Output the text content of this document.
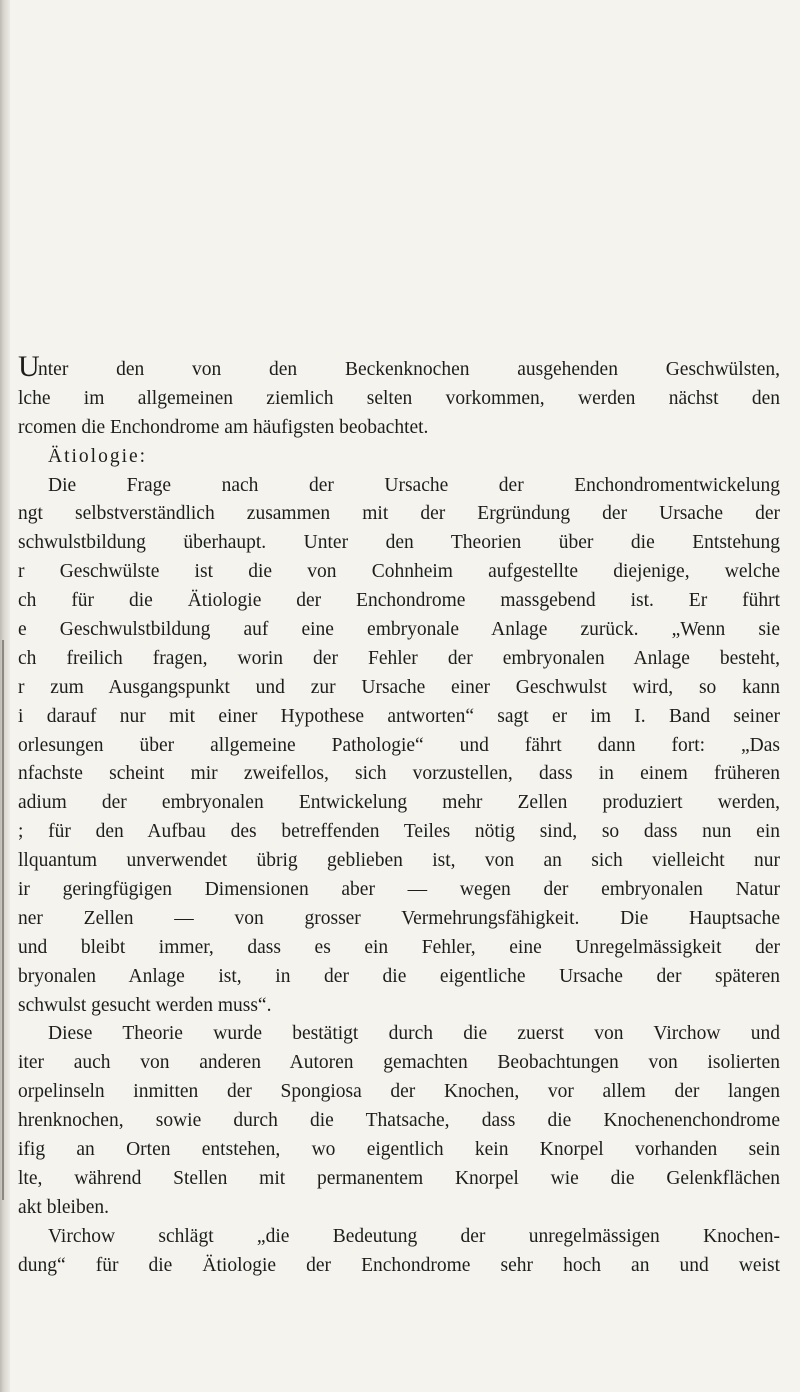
U
nter den von den Beckenknochen ausgehenden Geschwülsten,
lche im allgemeinen ziemlich selten vorkommen, werden nächst den
rcomen die Enchondrome am häufigsten beobachtet.
Ätiologie:
Die Frage nach der Ursache der Enchondromentwickelung
ngt selbstverständlich zusammen mit der Ergründung der Ursache der
schwulstbildung überhaupt. Unter den Theorien über die Entstehung
r Geschwülste ist die von Cohnheim aufgestellte diejenige, welche
ch für die Ätiologie der Enchondrome massgebend ist. Er führt
e Geschwulstbildung auf eine embryonale Anlage zurück. „Wenn sie
ch freilich fragen, worin der Fehler der embryonalen Anlage besteht,
r zum Ausgangspunkt und zur Ursache einer Geschwulst wird, so kann
i darauf nur mit einer Hypothese antworten“ sagt er im I. Band seiner
orlesungen über allgemeine Pathologie“ und fährt dann fort: „Das
nfachste scheint mir zweifellos, sich vorzustellen, dass in einem früheren
adium der embryonalen Entwickelung mehr Zellen produziert werden,
; für den Aufbau des betreffenden Teiles nötig sind, so dass nun ein
llquantum unverwendet übrig geblieben ist, von an sich vielleicht nur
ir geringfügigen Dimensionen aber — wegen der embryonalen Natur
ner Zellen — von grosser Vermehrungsfähigkeit. Die Hauptsache
und bleibt immer, dass es ein Fehler, eine Unregelmässigkeit der
bryonalen Anlage ist, in der die eigentliche Ursache der späteren
schwulst gesucht werden muss“.
Diese Theorie wurde bestätigt durch die zuerst von Virchow und
iter auch von anderen Autoren gemachten Beobachtungen von isolierten
orpelinseln inmitten der Spongiosa der Knochen, vor allem der langen
hrenknochen, sowie durch die Thatsache, dass die Knochenenchondrome
ifig an Orten entstehen, wo eigentlich kein Knorpel vorhanden sein
lte, während Stellen mit permanentem Knorpel wie die Gelenkflächen
akt bleiben.
Virchow schlägt „die Bedeutung der unregelmässigen Knochen-
dung“ für die Ätiologie der Enchondrome sehr hoch an und weist
